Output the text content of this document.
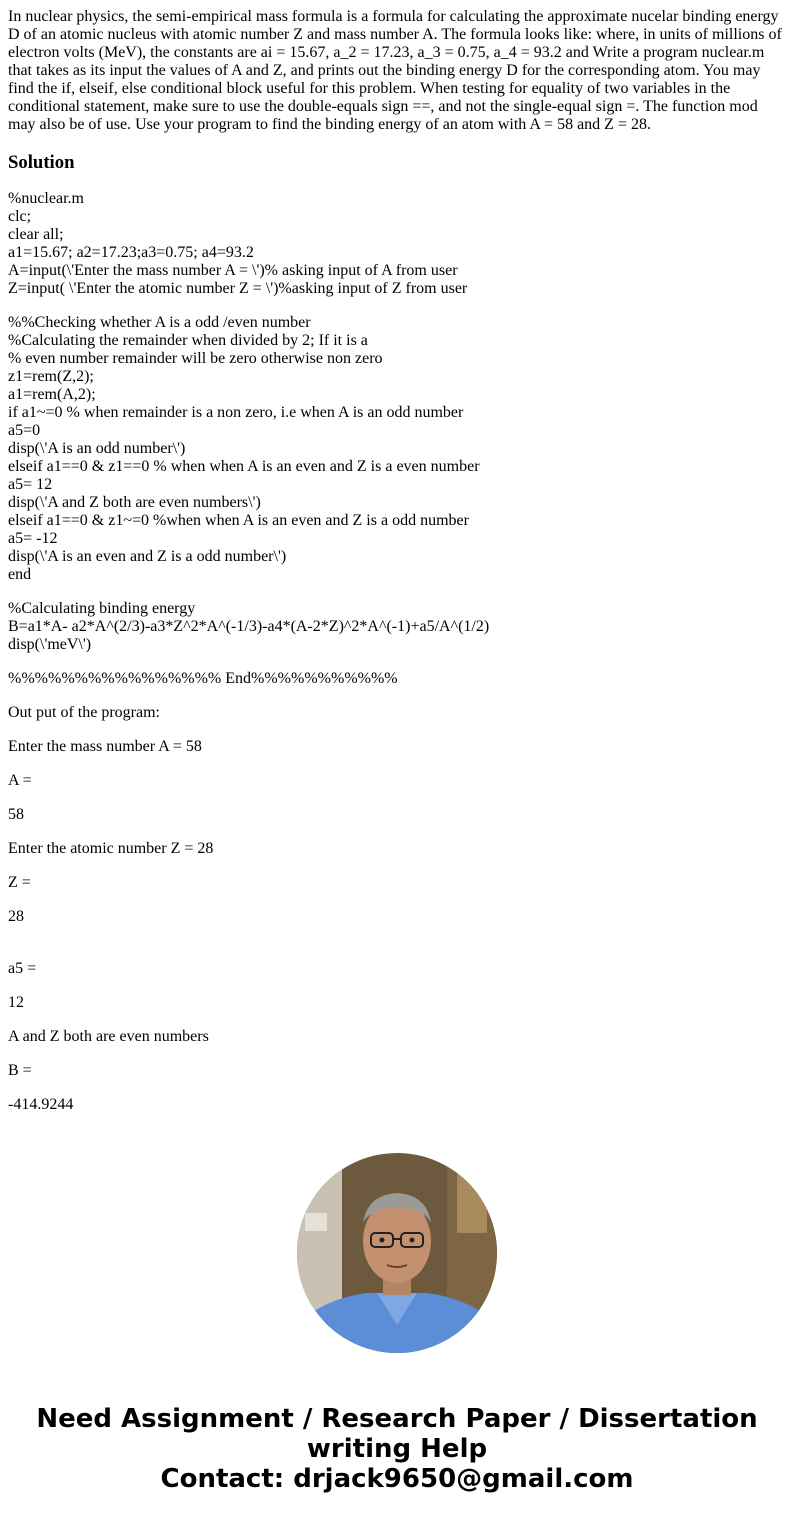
In nuclear physics, the semi-empirical mass formula is a formula for calculating the approximate nucelar binding energy D of an atomic nucleus with atomic number Z and mass number A. The formula looks like: where, in units of millions of electron volts (MeV), the constants are ai = 15.67, a_2 = 17.23, a_3 = 0.75, a_4 = 93.2 and Write a program nuclear.m that takes as its input the values of A and Z, and prints out the binding energy D for the corresponding atom. You may find the if, elseif, else conditional block useful for this problem. When testing for equality of two variables in the conditional statement, make sure to use the double-equals sign ==, and not the single-equal sign =. The function mod may also be of use. Use your program to find the binding energy of an atom with A = 58 and Z = 28.

Solution
%nuclear.m
clc;
clear all;
a1=15.67; a2=17.23;a3=0.75; a4=93.2
A=input(\'Enter the mass number A = \')% asking input of A from user
Z=input( \'Enter the atomic number Z = \')%asking input of Z from user
%%Checking whether A is a odd /even number
%Calculating the remainder when divided by 2; If it is a
% even number remainder will be zero otherwise non zero
z1=rem(Z,2);
a1=rem(A,2);
if a1~=0 % when remainder is a non zero, i.e when A is an odd number
a5=0
disp(\'A is an odd number\')
elseif a1==0 & z1==0 % when when A is an even and Z is a even number
a5= 12
disp(\'A and Z both are even numbers\')
elseif a1==0 & z1~=0 %when when A is an even and Z is a odd number
a5= -12
disp(\'A is an even and Z is a odd number\')
end
%Calculating binding energy
B=a1*A- a2*A^(2/3)-a3*Z^2*A^(-1/3)-a4*(A-2*Z)^2*A^(-1)+a5/A^(1/2)
disp(\'meV\')
%%%%%%%%%%%%%%%% End%%%%%%%%%%%
Out put of the program:
Enter the mass number A = 58
A =
58
Enter the atomic number Z = 28
Z =
28
a5 =
12
A and Z both are even numbers
B =
-414.9244
Need Assignment / Research Paper / Dissertation
writing Help
Contact: drjack9650@gmail.com
